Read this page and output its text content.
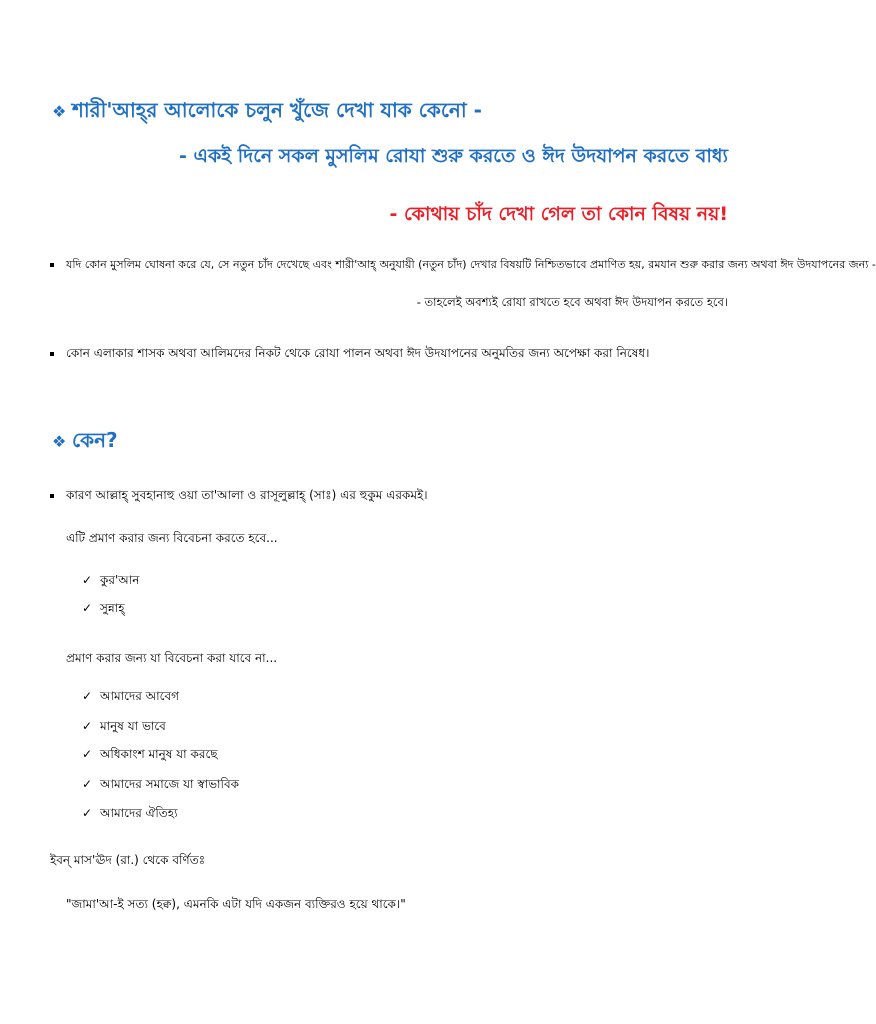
❖ শারী'আহ্‌র আলোকে চলুন খুঁজে দেখা যাক কেনো -
- একই দিনে সকল মুসলিম রোযা শুরু করতে ও ঈদ উদযাপন করতে বাধ্য
- কোথায় চাঁদ দেখা গেল তা কোন বিষয় নয়!
যদি কোন মুসলিম ঘোষনা করে যে, সে নতুন চাঁদ দেখেছে এবং শারী'আহ্‌ অনুযায়ী (নতুন চাঁদ) দেখার বিষয়টি নিশ্চিতভাবে প্রমাণিত হয়, রমযান শুরু করার জন্য অথবা ঈদ উদযাপনের জন্য -
- তাহলেই অবশ্যই রোযা রাখতে হবে অথবা ঈদ উদযাপন করতে হবে।
কোন এলাকার শাসক অথবা আলিমদের নিকট থেকে রোযা পালন অথবা ঈদ উদযাপনের অনুমতির জন্য অপেক্ষা করা নিষেধ।
❖ কেন?
কারণ আল্লাহ্‌ সুবহানাহু ওয়া তা'আলা ও রাসূলুল্লাহ্‌ (সাঃ) এর হুকুম এরকমই।
এটি প্রমাণ করার জন্য বিবেচনা করতে হবে...
✓ কুর'আন
✓ সুন্নাহ্‌
প্রমাণ করার জন্য যা বিবেচনা করা যাবে না...
✓ আমাদের আবেগ
✓ মানুষ যা ভাবে
✓ অধিকাংশ মানুষ যা করছে
✓ আমাদের সমাজে যা স্বাভাবিক
✓ আমাদের ঐতিহ্য
ইবন্‌ মাস'ঊদ (রা.) থেকে বর্ণিতঃ
"জামা'আ-ই সত্য (হক্ব), এমনকি এটা যদি একজন ব্যক্তিরও হয়ে থাকে।"
